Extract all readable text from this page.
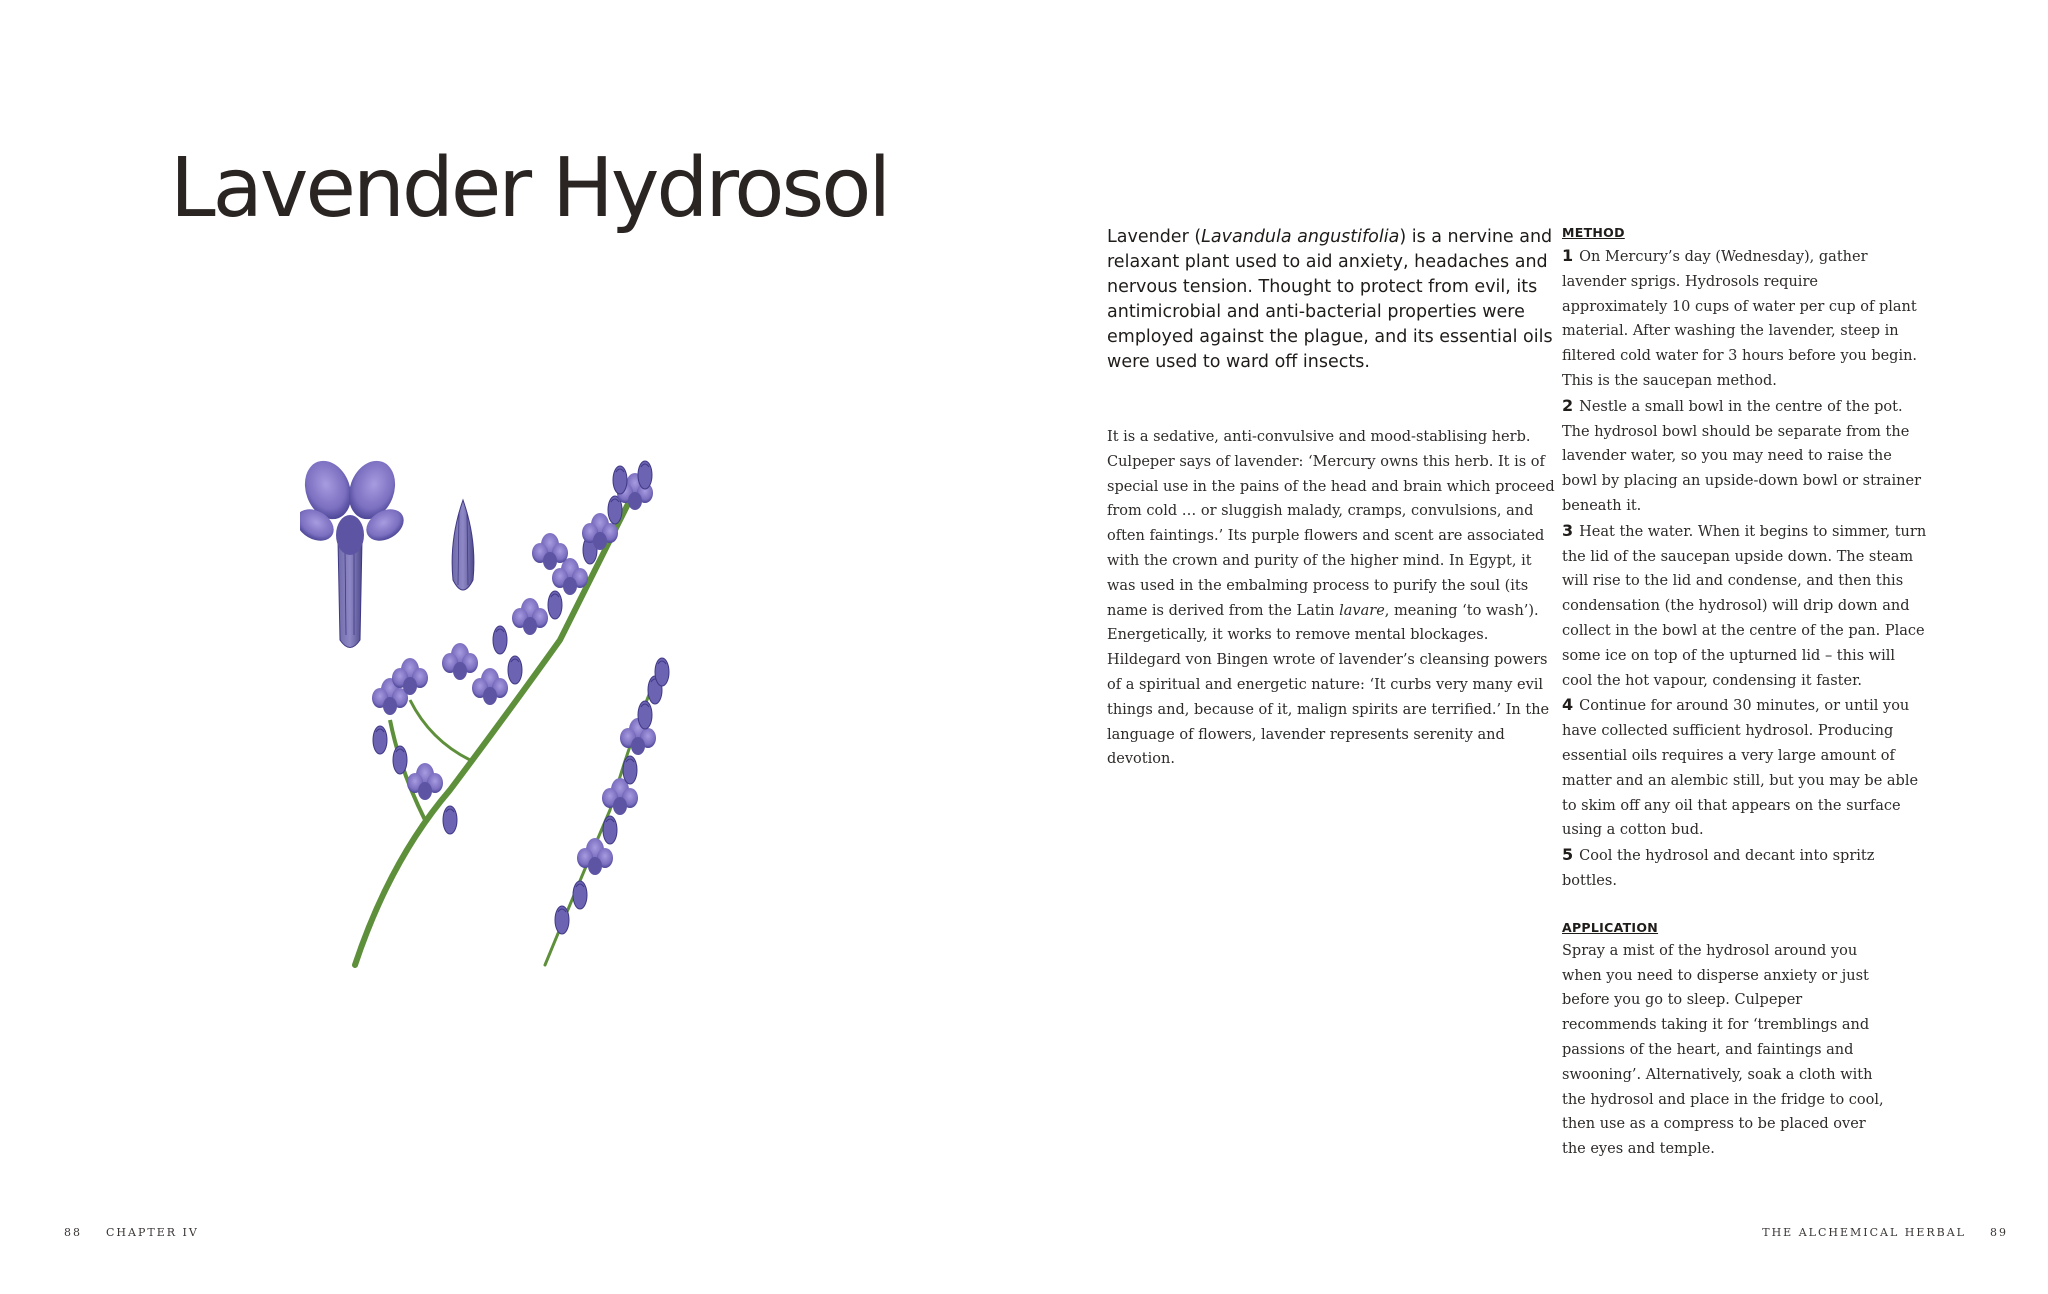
Lavender Hydrosol
88 CHAPTER IV

Lavender (Lavandula angustifolia) is a nervine and relaxant plant used to aid anxiety, headaches and nervous tension. Thought to protect from evil, its antimicrobial and anti-bacterial properties were employed against the plague, and its essential oils were used to ward off insects.

It is a sedative, anti-convulsive and mood-stablising herb. Culpeper says of lavender: ‘Mercury owns this herb. It is of special use in the pains of the head and brain which proceed from cold … or sluggish malady, cramps, convulsions, and often faintings.’ Its purple flowers and scent are associated with the crown and purity of the higher mind. In Egypt, it was used in the embalming process to purify the soul (its name is derived from the Latin lavare, meaning ‘to wash’). Energetically, it works to remove mental blockages. Hildegard von Bingen wrote of lavender’s cleansing powers of a spiritual and energetic nature: ‘It curbs very many evil things and, because of it, malign spirits are terrified.’ In the language of flowers, lavender represents serenity and devotion.

METHOD
1 On Mercury’s day (Wednesday), gather lavender sprigs. Hydrosols require approximately 10 cups of water per cup of plant material. After washing the lavender, steep in filtered cold water for 3 hours before you begin. This is the saucepan method.
2 Nestle a small bowl in the centre of the pot. The hydrosol bowl should be separate from the lavender water, so you may need to raise the bowl by placing an upside-down bowl or strainer beneath it.
3 Heat the water. When it begins to simmer, turn the lid of the saucepan upside down. The steam will rise to the lid and condense, and then this condensation (the hydrosol) will drip down and collect in the bowl at the centre of the pan. Place some ice on top of the upturned lid – this will cool the hot vapour, condensing it faster.
4 Continue for around 30 minutes, or until you have collected sufficient hydrosol. Producing essential oils requires a very large amount of matter and an alembic still, but you may be able to skim off any oil that appears on the surface using a cotton bud.
5 Cool the hydrosol and decant into spritz bottles.
APPLICATION

Spray a mist of the hydrosol around you when you need to disperse anxiety or just before you go to sleep. Culpeper recommends taking it for ‘tremblings and passions of the heart, and faintings and swooning’. Alternatively, soak a cloth with the hydrosol and place in the fridge to cool, then use as a compress to be placed over the eyes and temple.

THE ALCHEMICAL HERBAL 89
